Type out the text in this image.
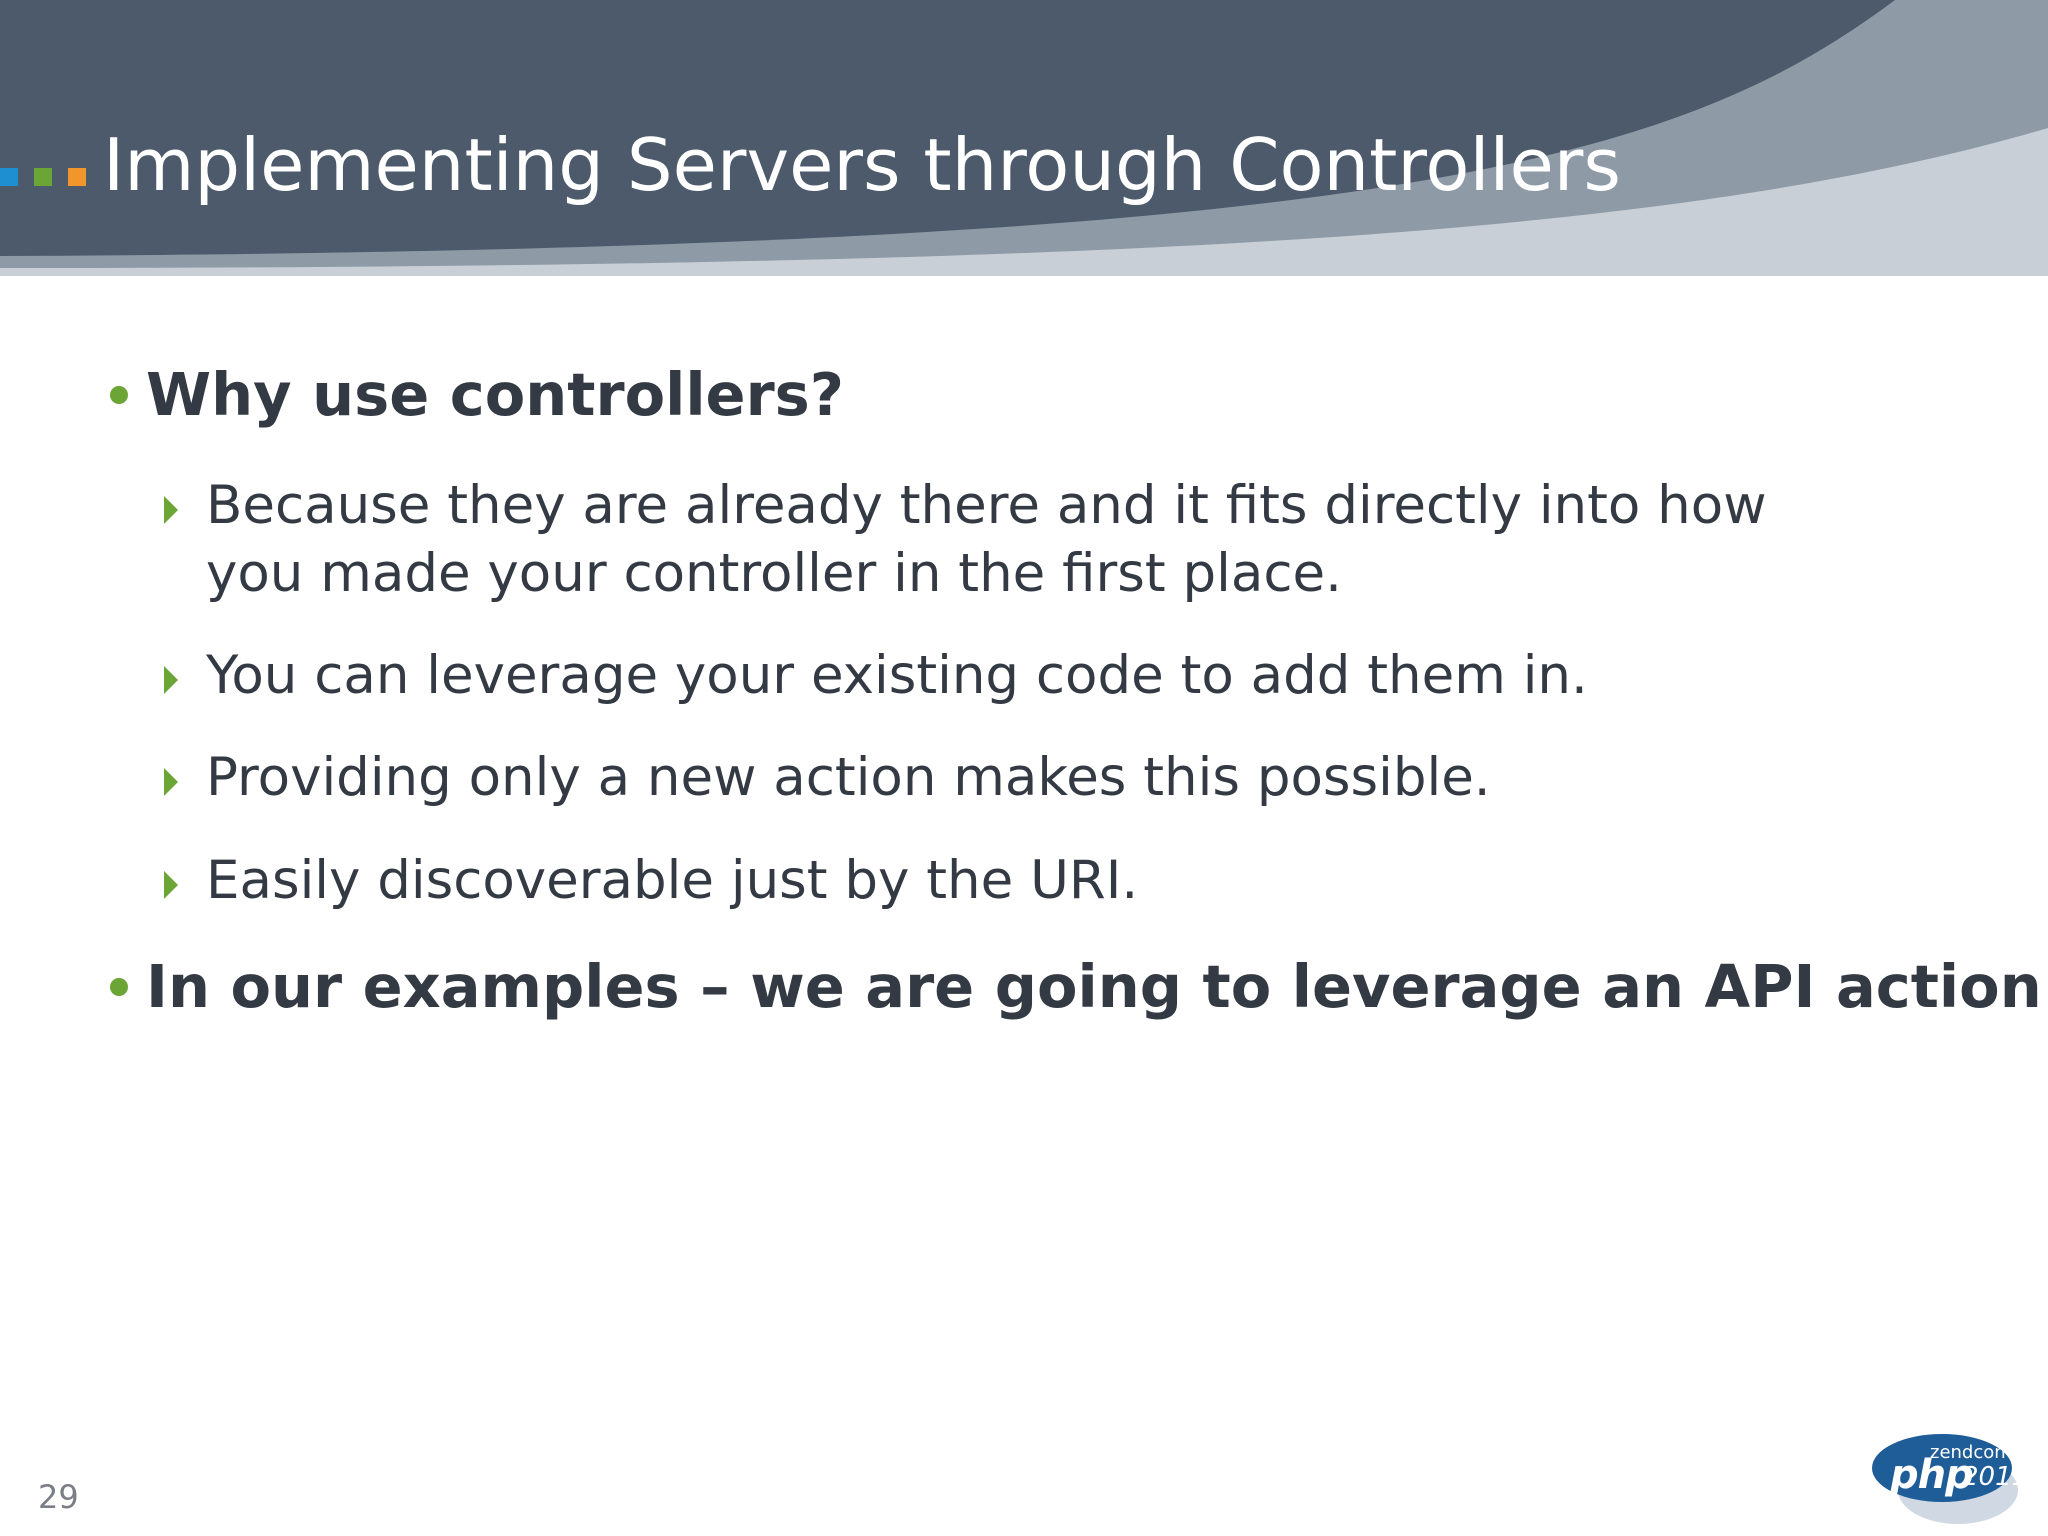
Implementing Servers through Controllers
Why use controllers?
Because they are already there and it fits directly into how you made your controller in the first place.
You can leverage your existing code to add them in.
Providing only a new action makes this possible.
Easily discoverable just by the URI.
In our examples – we are going to leverage an API action
29
zendcon
php
2011
